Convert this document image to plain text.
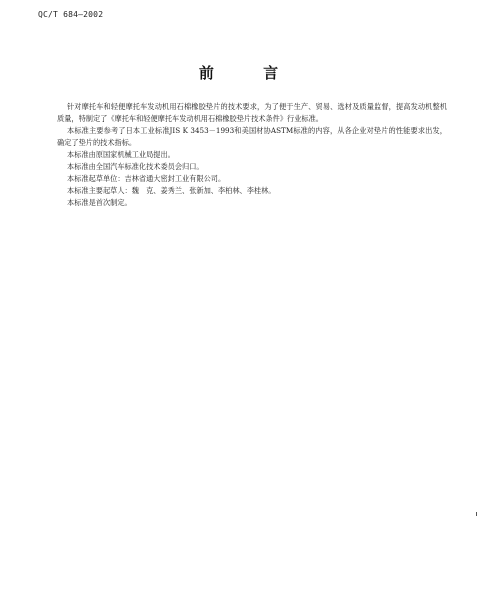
QC/T 684—2002
前 言

针对摩托车和轻便摩托车发动机用石棉橡胶垫片的技术要求，为了便于生产、贸易、选材及质量监督，提高发动机整机质量，特制定了《摩托车和轻便摩托车发动机用石棉橡胶垫片技术条件》行业标准。

本标准主要参考了日本工业标准JIS K 3453－1993和美国材协ASTM标准的内容，从各企业对垫片的性能要求出发，确定了垫片的技术指标。

本标准由原国家机械工业局提出。

本标准由全国汽车标准化技术委员会归口。

本标准起草单位：吉林省通大密封工业有限公司。

本标准主要起草人：魏　克、姜秀兰、张新加、李柏林、李桂林。

本标准是首次制定。
